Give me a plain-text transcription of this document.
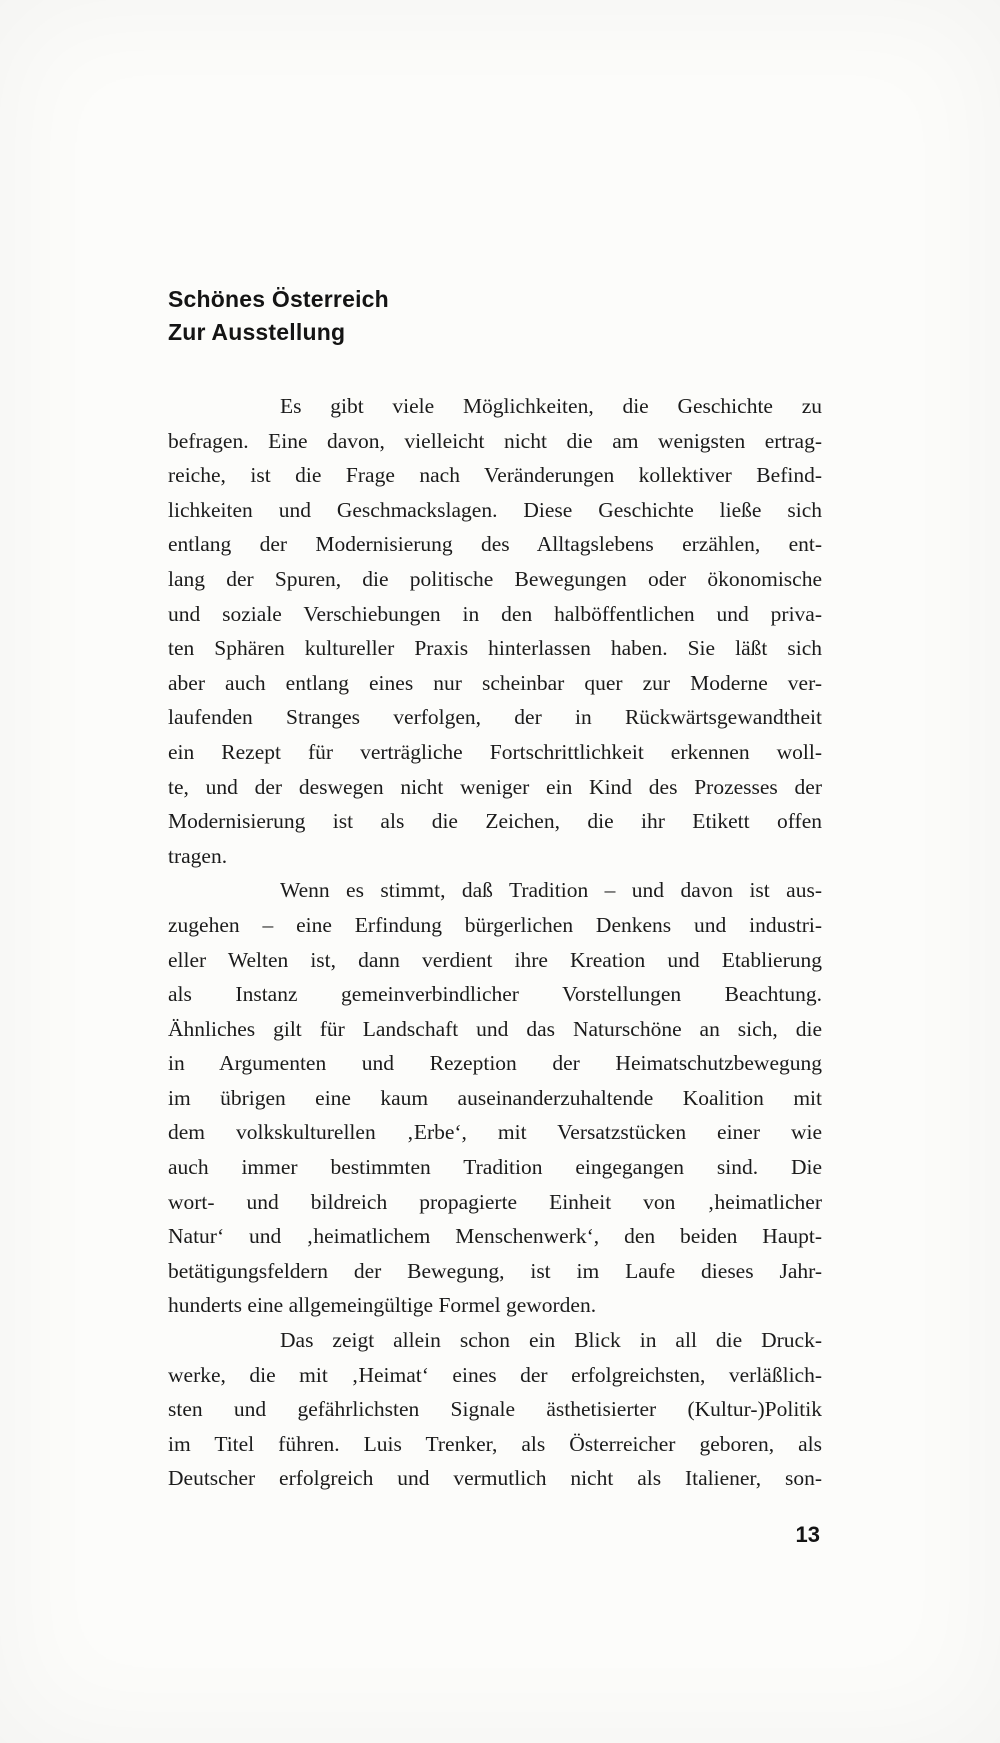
Schönes Österreich
Zur Ausstellung
Es gibt viele Möglichkeiten, die Geschichte zu
befragen. Eine davon, vielleicht nicht die am wenigsten ertrag-
reiche, ist die Frage nach Veränderungen kollektiver Befind-
lichkeiten und Geschmackslagen. Diese Geschichte ließe sich
entlang der Modernisierung des Alltagslebens erzählen, ent-
lang der Spuren, die politische Bewegungen oder ökonomische
und soziale Verschiebungen in den halböffentlichen und priva-
ten Sphären kultureller Praxis hinterlassen haben. Sie läßt sich
aber auch entlang eines nur scheinbar quer zur Moderne ver-
laufenden Stranges verfolgen, der in Rückwärtsgewandtheit
ein Rezept für verträgliche Fortschrittlichkeit erkennen woll-
te, und der deswegen nicht weniger ein Kind des Prozesses der
Modernisierung ist als die Zeichen, die ihr Etikett offen
tragen.
Wenn es stimmt, daß Tradition – und davon ist aus-
zugehen – eine Erfindung bürgerlichen Denkens und industri-
eller Welten ist, dann verdient ihre Kreation und Etablierung
als Instanz gemeinverbindlicher Vorstellungen Beachtung.
Ähnliches gilt für Landschaft und das Naturschöne an sich, die
in Argumenten und Rezeption der Heimatschutzbewegung
im übrigen eine kaum auseinanderzuhaltende Koalition mit
dem volkskulturellen ‚Erbe‘, mit Versatzstücken einer wie
auch immer bestimmten Tradition eingegangen sind. Die
wort- und bildreich propagierte Einheit von ‚heimatlicher
Natur‘ und ‚heimatlichem Menschenwerk‘, den beiden Haupt-
betätigungsfeldern der Bewegung, ist im Laufe dieses Jahr-
hunderts eine allgemeingültige Formel geworden.
Das zeigt allein schon ein Blick in all die Druck-
werke, die mit ‚Heimat‘ eines der erfolgreichsten, verläßlich-
sten und gefährlichsten Signale ästhetisierter (Kultur-)Politik
im Titel führen. Luis Trenker, als Österreicher geboren, als
Deutscher erfolgreich und vermutlich nicht als Italiener, son-
13
